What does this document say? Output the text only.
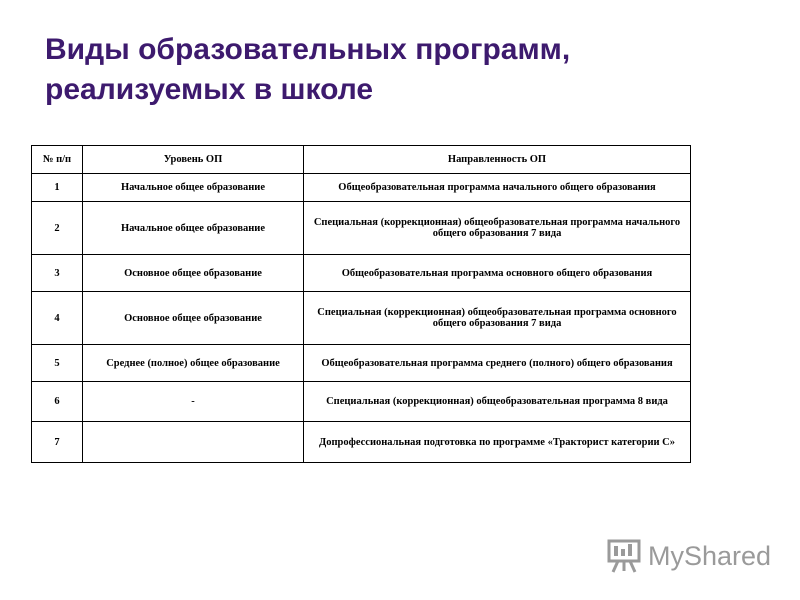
Виды образовательных программ,
реализуемых в школе
№ п/п	Уровень ОП	Направленность ОП
1	Начальное общее образование	Общеобразовательная программа начального общего образования
2	Начальное общее образование	Специальная (коррекционная) общеобразовательная программа начального общего образования 7 вида
3	Основное общее образование	Общеобразовательная программа основного общего образования
4	Основное общее образование	Специальная (коррекционная) общеобразовательная программа основного общего образования 7 вида
5	Среднее (полное) общее образование	Общеобразовательная программа среднего (полного) общего образования
6	-	Специальная (коррекционная) общеобразовательная программа 8 вида
7		Допрофессиональная подготовка по программе «Тракторист категории С»
MyShared
